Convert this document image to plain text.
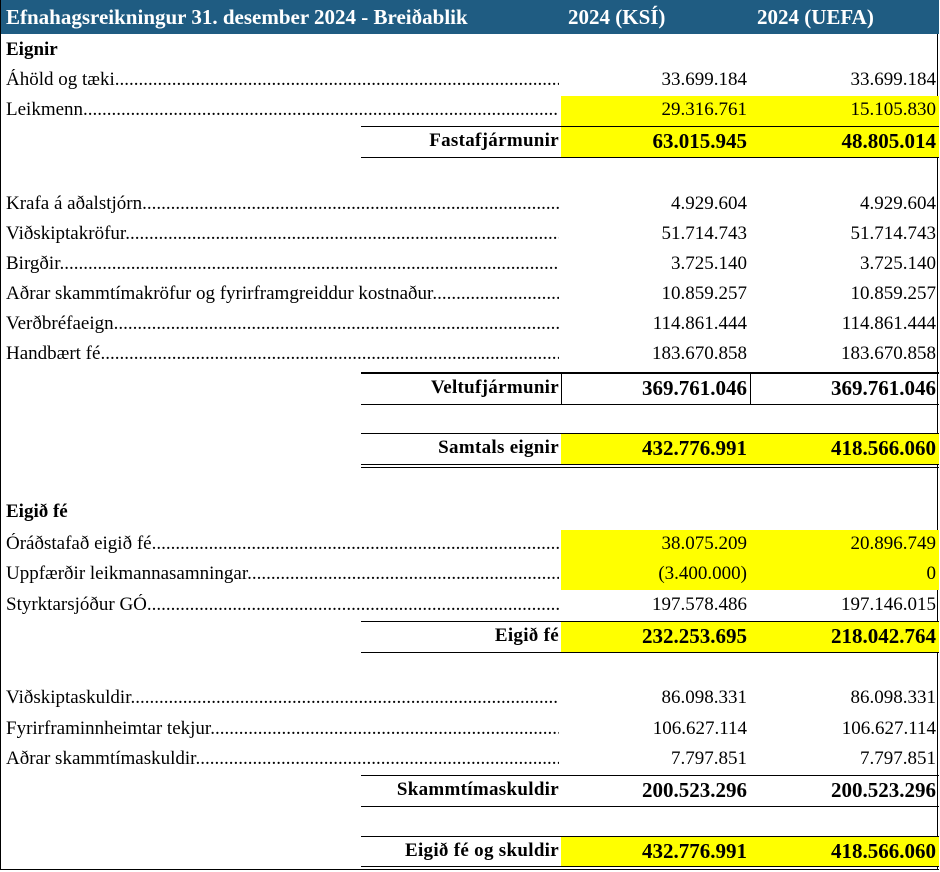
Efnahagsreikningur 31. desember 2024 - Breiðablik	2024 (KSÍ)	2024 (UEFA)
Eignir
Áhöld og tæki .....	33.699.184	33.699.184
Leikmenn .....	29.316.761	15.105.830
Fastafjármunir	63.015.945	48.805.014
Krafa á aðalstjórn .....	4.929.604	4.929.604
Viðskiptakröfur .....	51.714.743	51.714.743
Birgðir .....	3.725.140	3.725.140
Aðrar skammtímakröfur og fyrirframgreiddur kostnaður .....	10.859.257	10.859.257
Verðbréfaeign .....	114.861.444	114.861.444
Handbært fé .....	183.670.858	183.670.858
Veltufjármunir	369.761.046	369.761.046
Samtals eignir	432.776.991	418.566.060
Eigið fé
Óráðstafað eigið fé .....	38.075.209	20.896.749
Uppfærðir leikmannasamningar .....	(3.400.000)	0
Styrktarsjóður GÓ .....	197.578.486	197.146.015
Eigið fé	232.253.695	218.042.764
Viðskiptaskuldir .....	86.098.331	86.098.331
Fyrirframinnheimtar tekjur .....	106.627.114	106.627.114
Aðrar skammtímaskuldir .....	7.797.851	7.797.851
Skammtímaskuldir	200.523.296	200.523.296
Eigið fé og skuldir	432.776.991	418.566.060
